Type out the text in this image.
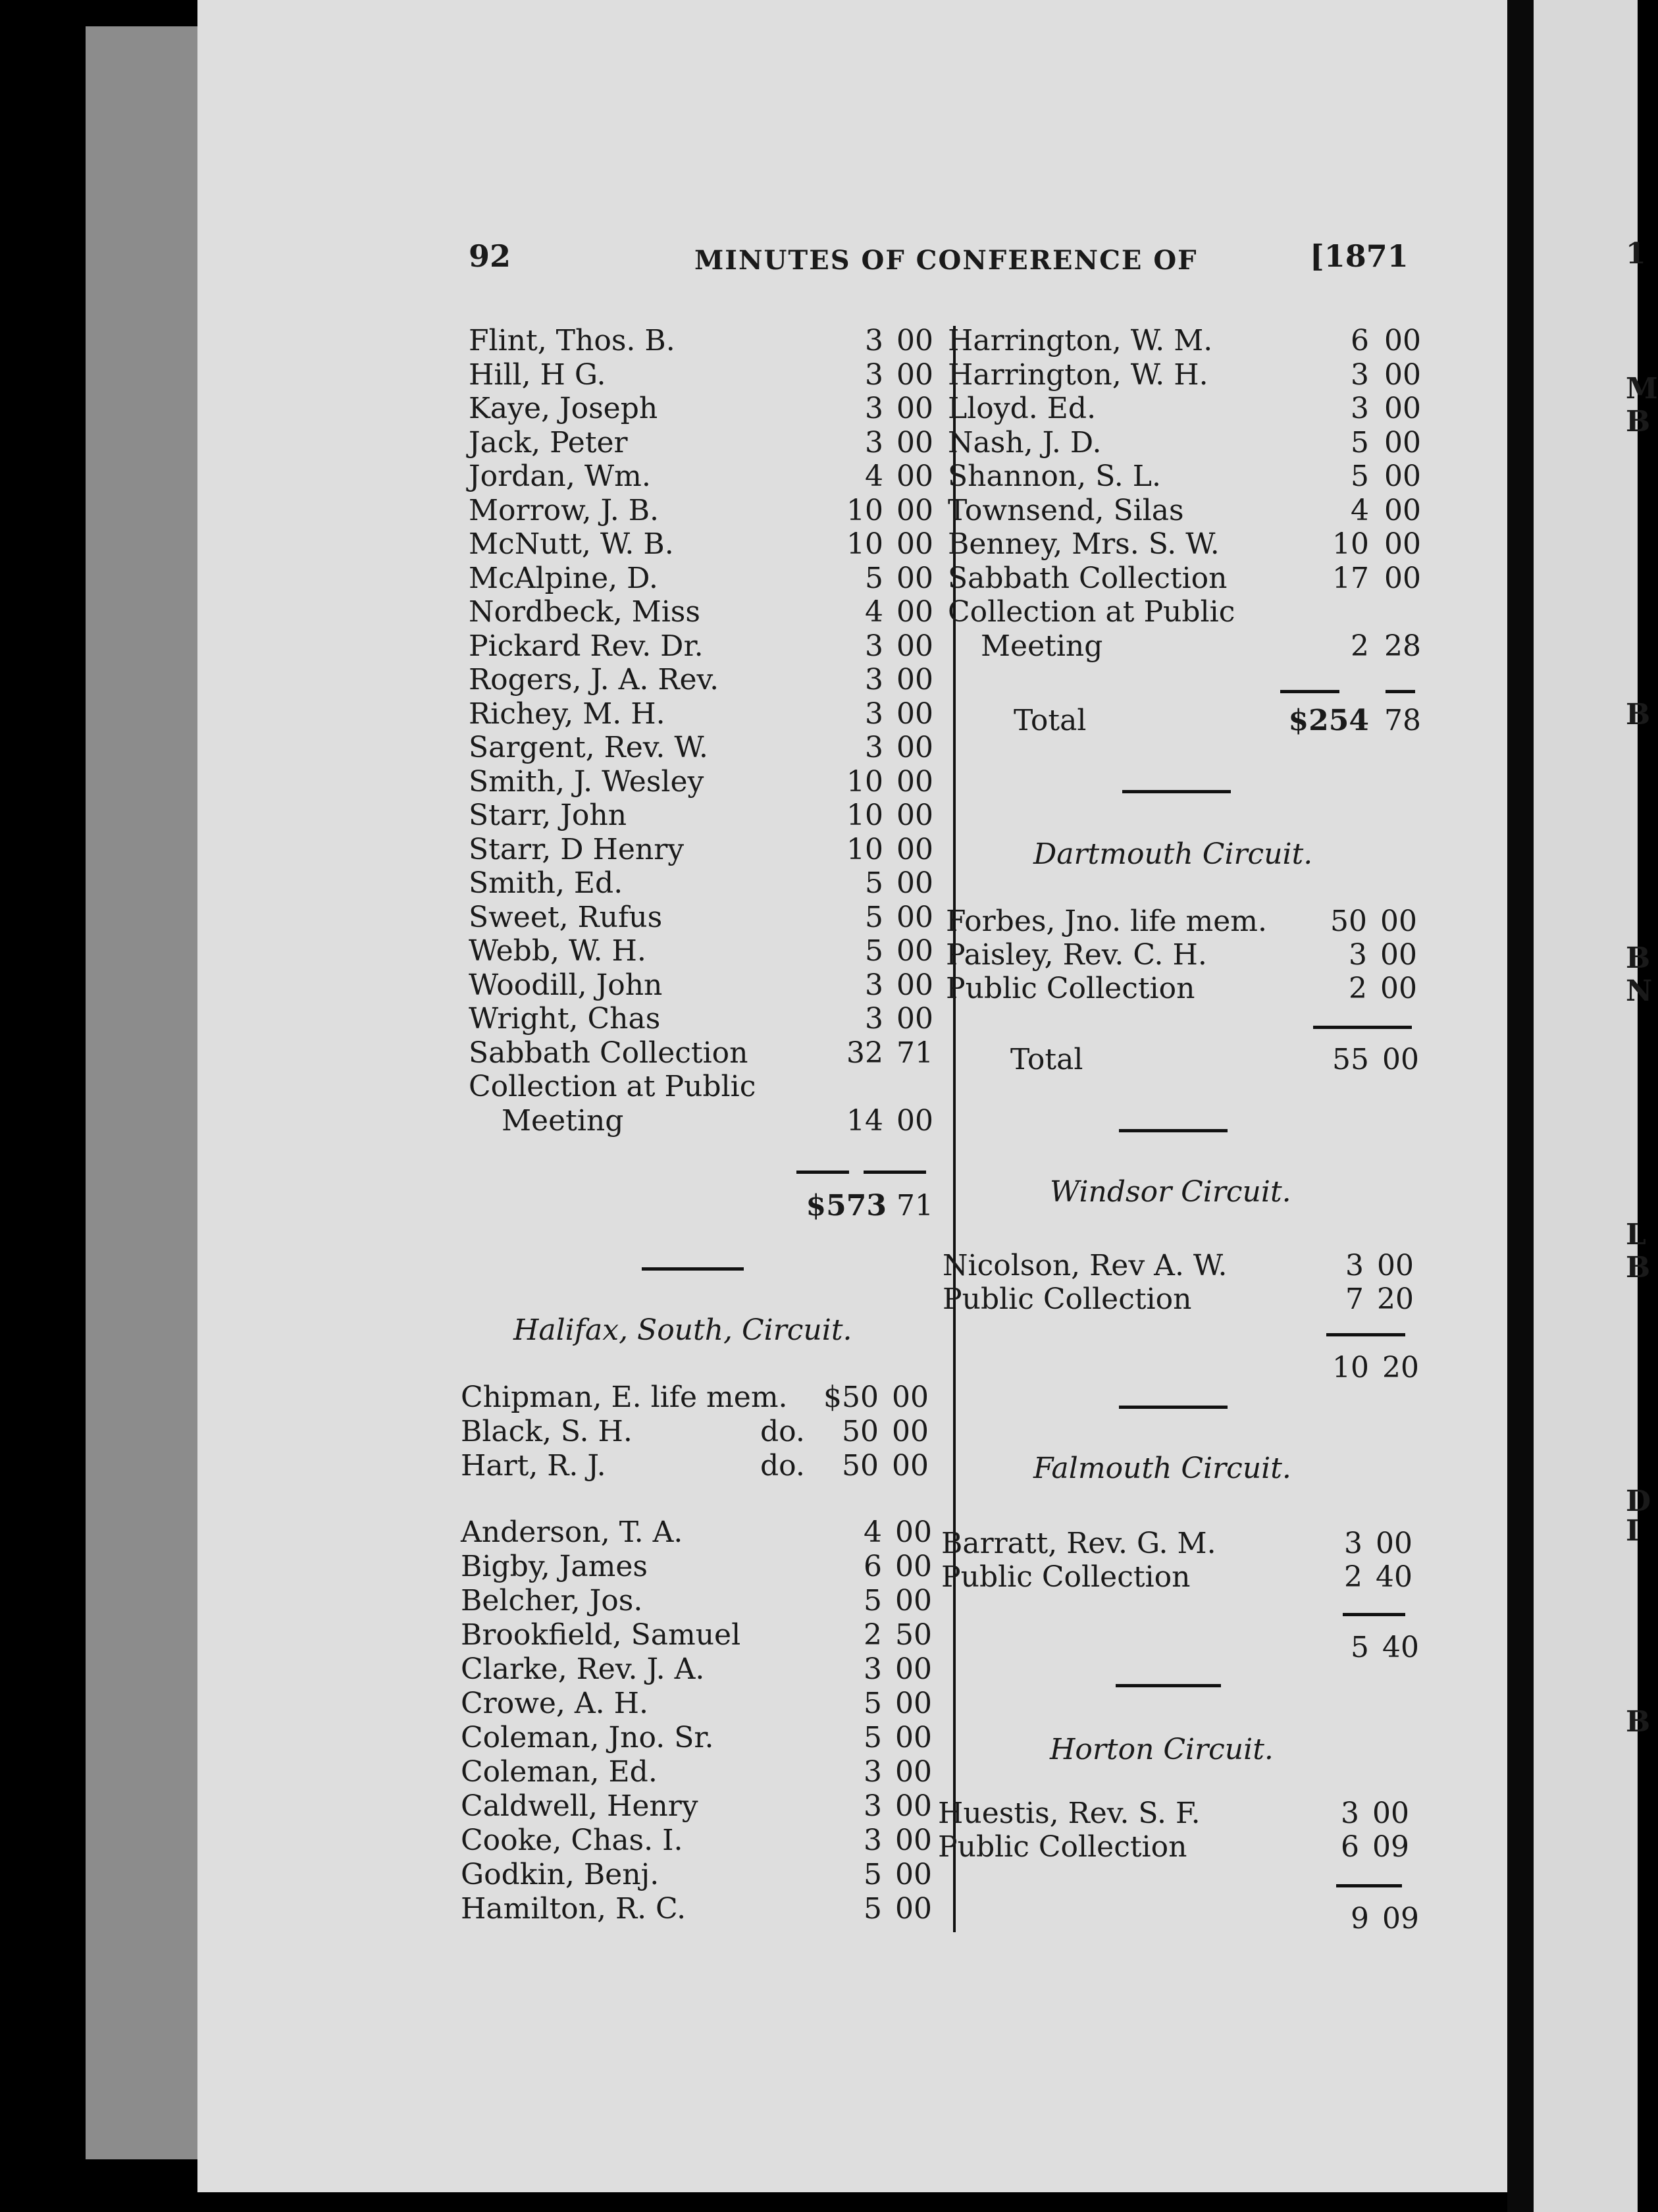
92	MINUTES OF CONFERENCE OF	[1871
Flint, Thos. B.	3 00
Hill, H G.	3 00
Kaye, Joseph	3 00
Jack, Peter	3 00
Jordan, Wm.	4 00
Morrow, J. B.	10 00
McNutt, W. B.	10 00
McAlpine, D.	5 00
Nordbeck, Miss	4 00
Pickard Rev. Dr.	3 00
Rogers, J. A. Rev.	3 00
Richey, M. H.	3 00
Sargent, Rev. W.	3 00
Smith, J. Wesley	10 00
Starr, John	10 00
Starr, D Henry	10 00
Smith, Ed.	5 00
Sweet, Rufus	5 00
Webb, W. H.	5 00
Woodill, John	3 00
Wright, Chas	3 00
Sabbath Collection	32 71
Collection at Public
Meeting	14 00
$573 71
Halifax, South, Circuit.
Chipman, E. life mem.	$50 00
Black, S. H.	do.	50 00
Hart, R. J.	do.	50 00
Anderson, T. A.	4 00
Bigby, James	6 00
Belcher, Jos.	5 00
Brookfield, Samuel	2 50
Clarke, Rev. J. A.	3 00
Crowe, A. H.	5 00
Coleman, Jno. Sr.	5 00
Coleman, Ed.	3 00
Caldwell, Henry	3 00
Cooke, Chas. I.	3 00
Godkin, Benj.	5 00
Hamilton, R. C.	5 00
Harrington, W. M.	6 00
Harrington, W. H.	3 00
Lloyd. Ed.	3 00
Nash, J. D.	5 00
Shannon, S. L.	5 00
Townsend, Silas	4 00
Benney, Mrs. S. W.	10 00
Sabbath Collection	17 00
Collection at Public
Meeting	2 28
Total	$254 78
Dartmouth Circuit.
Forbes, Jno. life mem.	50 00
Paisley, Rev. C. H.	3 00
Public Collection	2 00
Total	55 00
Windsor Circuit.
Nicolson, Rev A. W.	3 00
Public Collection	7 20
10 20
Falmouth Circuit.
Barratt, Rev. G. M.	3 00
Public Collection	2 40
5 40
Horton Circuit.
Huestis, Rev. S. F.	3 00
Public Collection	6 09
9 09
1
M
B
B
B
N
L
B
D
I
B
